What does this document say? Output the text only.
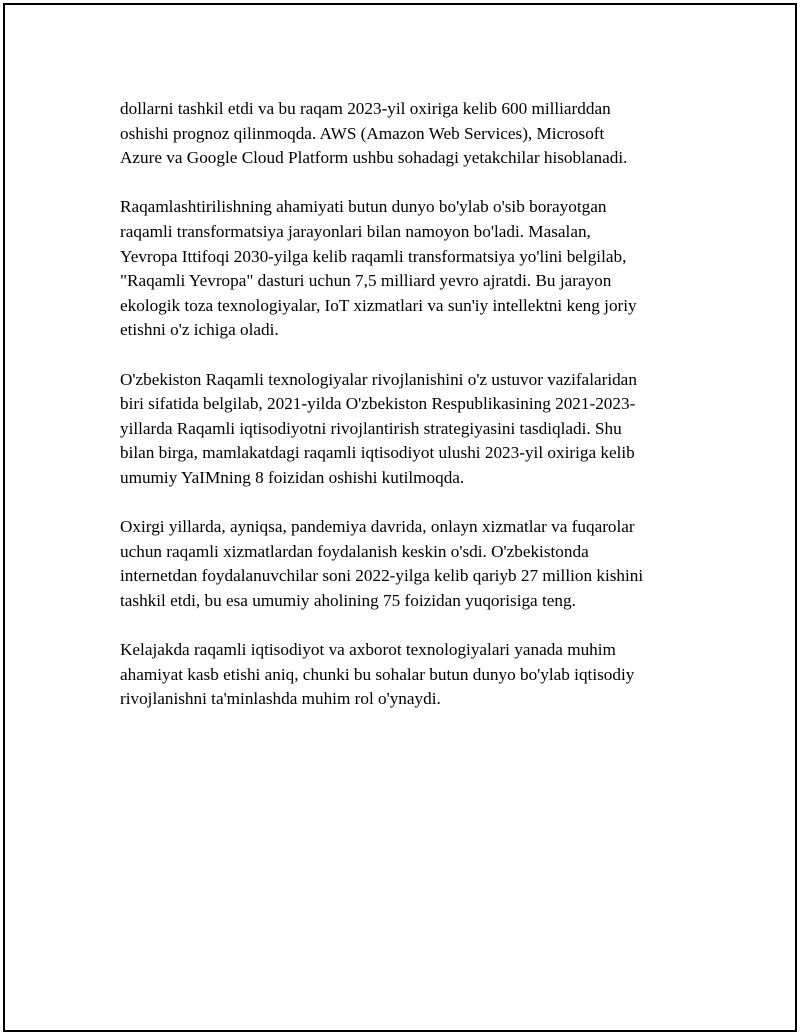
dollarni tashkil etdi va bu raqam 2023-yil oxiriga kelib 600 milliarddan
oshishi prognoz qilinmoqda. AWS (Amazon Web Services), Microsoft
Azure va Google Cloud Platform ushbu sohadagi yetakchilar hisoblanadi.

Raqamlashtirilishning ahamiyati butun dunyo bo'ylab o'sib borayotgan
raqamli transformatsiya jarayonlari bilan namoyon bo'ladi. Masalan,
Yevropa Ittifoqi 2030-yilga kelib raqamli transformatsiya yo'lini belgilab,
"Raqamli Yevropa" dasturi uchun 7,5 milliard yevro ajratdi. Bu jarayon
ekologik toza texnologiyalar, IoT xizmatlari va sun'iy intellektni keng joriy
etishni o'z ichiga oladi.

O'zbekiston Raqamli texnologiyalar rivojlanishini o'z ustuvor vazifalaridan
biri sifatida belgilab, 2021-yilda O'zbekiston Respublikasining 2021-2023-
yillarda Raqamli iqtisodiyotni rivojlantirish strategiyasini tasdiqladi. Shu
bilan birga, mamlakatdagi raqamli iqtisodiyot ulushi 2023-yil oxiriga kelib
umumiy YaIMning 8 foizidan oshishi kutilmoqda.

Oxirgi yillarda, ayniqsa, pandemiya davrida, onlayn xizmatlar va fuqarolar
uchun raqamli xizmatlardan foydalanish keskin o'sdi. O'zbekistonda
internetdan foydalanuvchilar soni 2022-yilga kelib qariyb 27 million kishini
tashkil etdi, bu esa umumiy aholining 75 foizidan yuqorisiga teng.

Kelajakda raqamli iqtisodiyot va axborot texnologiyalari yanada muhim
ahamiyat kasb etishi aniq, chunki bu sohalar butun dunyo bo'ylab iqtisodiy
rivojlanishni ta'minlashda muhim rol o'ynaydi.
